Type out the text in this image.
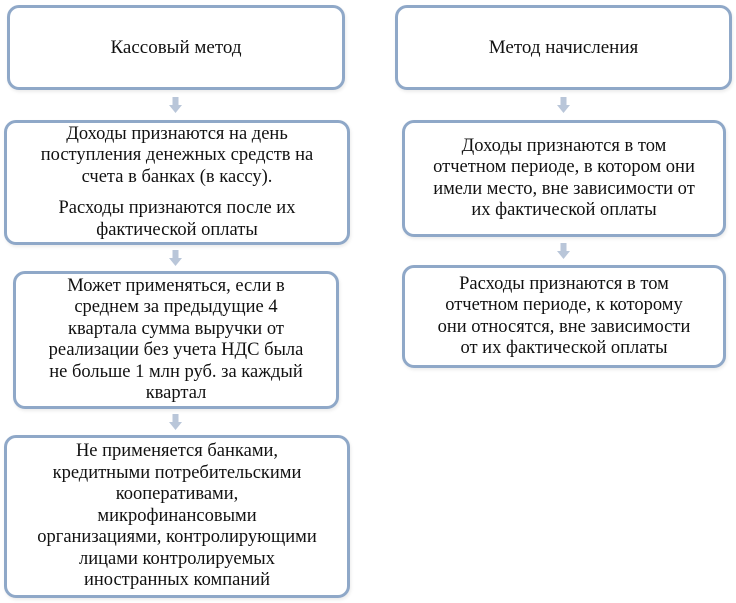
Кассовый метод
Доходы признаются на день
поступления денежных средств на
счета в банках (в кассу).
Расходы признаются после их
фактической оплаты
Может применяться, если в
среднем за предыдущие 4
квартала сумма выручки от
реализации без учета НДС была
не больше 1 млн руб. за каждый
квартал
Не применяется банками,
кредитными потребительскими
кооперативами,
микрофинансовыми
организациями, контролирующими
лицами контролируемых
иностранных компаний
Метод начисления
Доходы признаются в том
отчетном периоде, в котором они
имели место, вне зависимости от
их фактической оплаты
Расходы признаются в том
отчетном периоде, к которому
они относятся, вне зависимости
от их фактической оплаты
